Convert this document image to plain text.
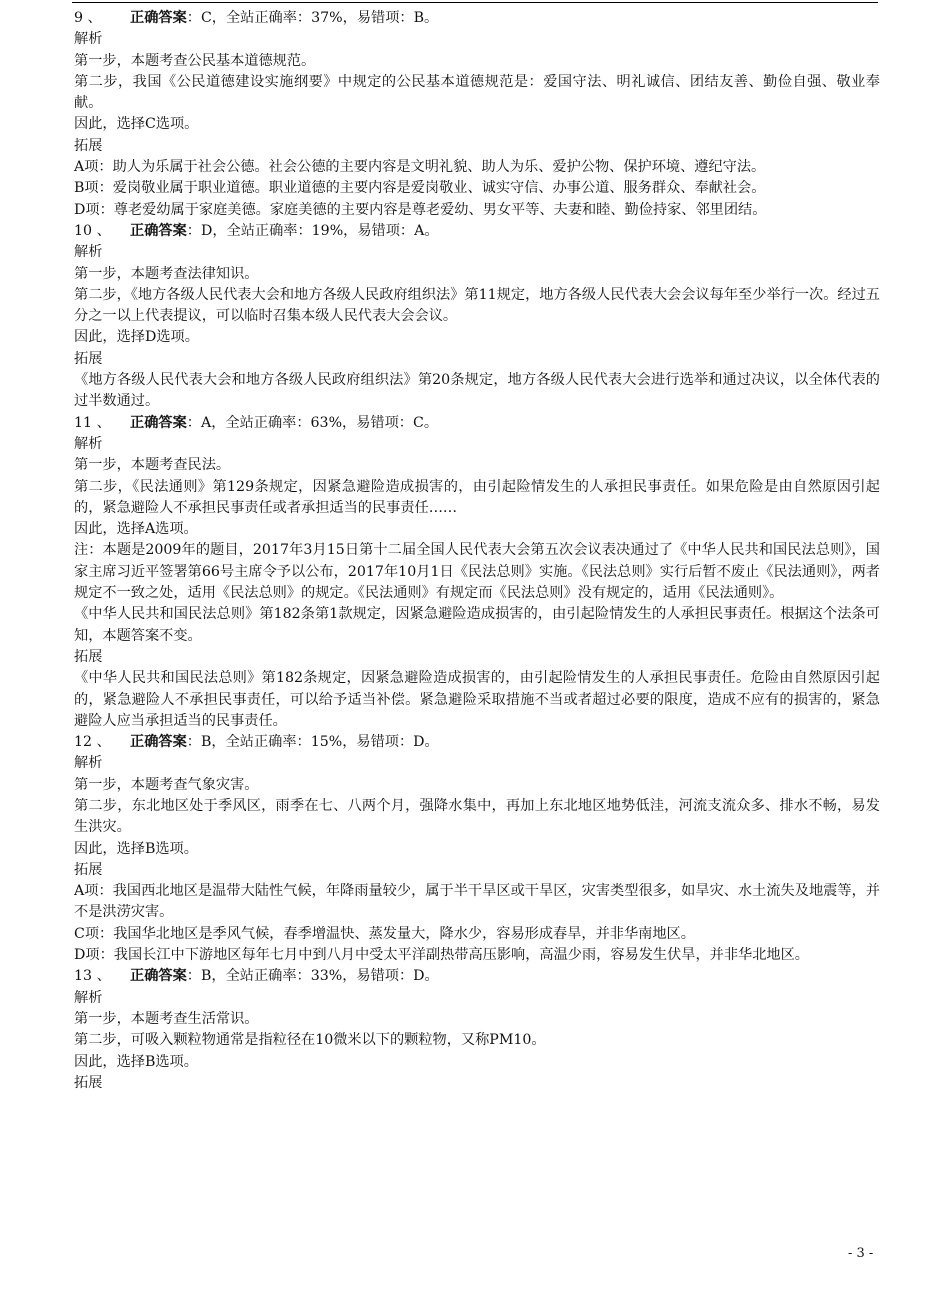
9 、 正确答案：C，全站正确率：37%，易错项：B。
解析
第一步，本题考查公民基本道德规范。
第二步，我国《公民道德建设实施纲要》中规定的公民基本道德规范是：爱国守法、明礼诚信、团结友善、勤俭自强、敬业奉献。
因此，选择C选项。
拓展
A项：助人为乐属于社会公德。社会公德的主要内容是文明礼貌、助人为乐、爱护公物、保护环境、遵纪守法。
B项：爱岗敬业属于职业道德。职业道德的主要内容是爱岗敬业、诚实守信、办事公道、服务群众、奉献社会。
D项：尊老爱幼属于家庭美德。家庭美德的主要内容是尊老爱幼、男女平等、夫妻和睦、勤俭持家、邻里团结。
10 、 正确答案：D，全站正确率：19%，易错项：A。
解析
第一步，本题考查法律知识。
第二步，《地方各级人民代表大会和地方各级人民政府组织法》第11规定，地方各级人民代表大会会议每年至少举行一次。经过五分之一以上代表提议，可以临时召集本级人民代表大会会议。
因此，选择D选项。
拓展
《地方各级人民代表大会和地方各级人民政府组织法》第20条规定，地方各级人民代表大会进行选举和通过决议，以全体代表的过半数通过。
11 、 正确答案：A，全站正确率：63%，易错项：C。
解析
第一步，本题考查民法。
第二步，《民法通则》第129条规定，因紧急避险造成损害的，由引起险情发生的人承担民事责任。如果危险是由自然原因引起的，紧急避险人不承担民事责任或者承担适当的民事责任……
因此，选择A选项。
注：本题是2009年的题目，2017年3月15日第十二届全国人民代表大会第五次会议表决通过了《中华人民共和国民法总则》，国家主席习近平签署第66号主席令予以公布，2017年10月1日《民法总则》实施。《民法总则》实行后暂不废止《民法通则》，两者规定不一致之处，适用《民法总则》的规定。《民法通则》有规定而《民法总则》没有规定的，适用《民法通则》。
《中华人民共和国民法总则》第182条第1款规定，因紧急避险造成损害的，由引起险情发生的人承担民事责任。根据这个法条可知，本题答案不变。
拓展
《中华人民共和国民法总则》第182条规定，因紧急避险造成损害的，由引起险情发生的人承担民事责任。危险由自然原因引起的，紧急避险人不承担民事责任，可以给予适当补偿。紧急避险采取措施不当或者超过必要的限度，造成不应有的损害的，紧急避险人应当承担适当的民事责任。
12 、 正确答案：B，全站正确率：15%，易错项：D。
解析
第一步，本题考查气象灾害。
第二步，东北地区处于季风区，雨季在七、八两个月，强降水集中，再加上东北地区地势低洼，河流支流众多、排水不畅，易发生洪灾。
因此，选择B选项。
拓展
A项：我国西北地区是温带大陆性气候，年降雨量较少，属于半干旱区或干旱区，灾害类型很多，如旱灾、水土流失及地震等，并不是洪涝灾害。
C项：我国华北地区是季风气候，春季增温快、蒸发量大，降水少，容易形成春旱，并非华南地区。
D项：我国长江中下游地区每年七月中到八月中受太平洋副热带高压影响，高温少雨，容易发生伏旱，并非华北地区。
13 、 正确答案：B，全站正确率：33%，易错项：D。
解析
第一步，本题考查生活常识。
第二步，可吸入颗粒物通常是指粒径在10微米以下的颗粒物，又称PM10。
因此，选择B选项。
拓展
- 3 -
